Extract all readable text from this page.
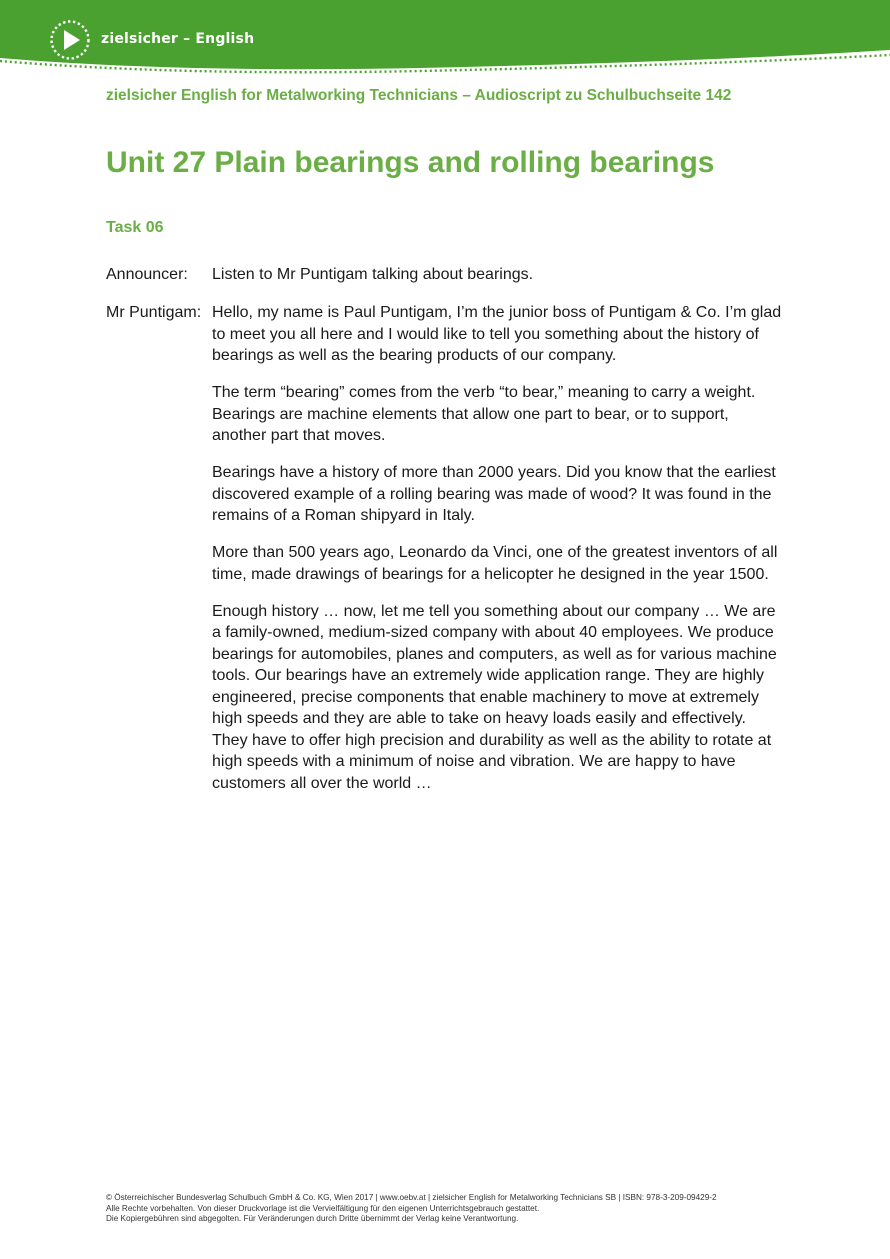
zielsicher – English
zielsicher English for Metalworking Technicians – Audioscript zu Schulbuchseite 142
Unit 27 Plain bearings and rolling bearings
Task 06
Announcer: Listen to Mr Puntigam talking about bearings.
Mr Puntigam: Hello, my name is Paul Puntigam, I’m the junior boss of Puntigam & Co. I’m glad to meet you all here and I would like to tell you something about the history of bearings as well as the bearing products of our company.

The term “bearing” comes from the verb “to bear,” meaning to carry a weight. Bearings are machine elements that allow one part to bear, or to support, another part that moves.

Bearings have a history of more than 2000 years. Did you know that the earliest discovered example of a rolling bearing was made of wood? It was found in the remains of a Roman shipyard in Italy.

More than 500 years ago, Leonardo da Vinci, one of the greatest inventors of all time, made drawings of bearings for a helicopter he designed in the year 1500.

Enough history … now, let me tell you something about our company … We are a family-owned, medium-sized company with about 40 employees. We produce bearings for automobiles, planes and computers, as well as for various machine tools. Our bearings have an extremely wide application range. They are highly engineered, precise components that enable machinery to move at extremely high speeds and they are able to take on heavy loads easily and effectively. They have to offer high precision and durability as well as the ability to rotate at high speeds with a minimum of noise and vibration. We are happy to have customers all over the world …

© Österreichischer Bundesverlag Schulbuch GmbH & Co. KG, Wien 2017 | www.oebv.at | zielsicher English for Metalworking Technicians SB | ISBN: 978-3-209-09429-2
Alle Rechte vorbehalten. Von dieser Druckvorlage ist die Vervielfältigung für den eigenen Unterrichtsgebrauch gestattet.
Die Kopiergebühren sind abgegolten. Für Veränderungen durch Dritte übernimmt der Verlag keine Verantwortung.
